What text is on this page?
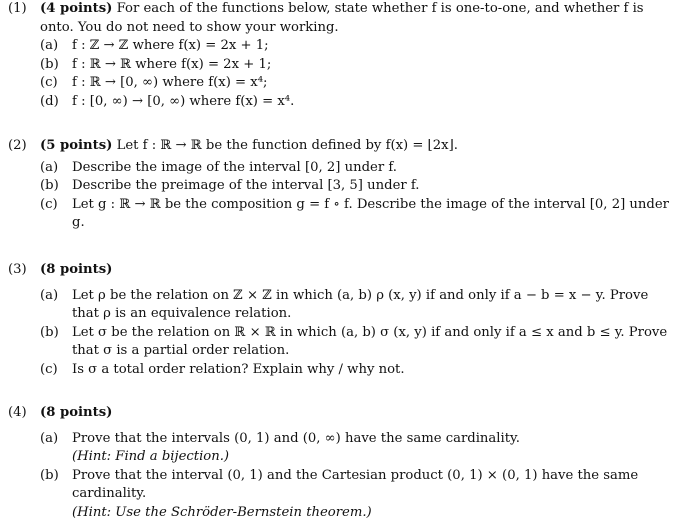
(1) (4 points) For each of the functions below, state whether f is one-to-one, and whether f is onto. You do not need to show your working.
(a) f : ℤ → ℤ where f(x) = 2x + 1;
(b) f : ℝ → ℝ where f(x) = 2x + 1;
(c) f : ℝ → [0, ∞) where f(x) = x⁴;
(d) f : [0, ∞) → [0, ∞) where f(x) = x⁴.
(2) (5 points) Let f : ℝ → ℝ be the function defined by f(x) = ⌊2x⌋.
(a) Describe the image of the interval [0, 2] under f.
(b) Describe the preimage of the interval [3, 5] under f.
(c) Let g : ℝ → ℝ be the composition g = f ∘ f. Describe the image of the interval [0, 2] under g.
(3) (8 points)
(a) Let ρ be the relation on ℤ × ℤ in which (a, b) ρ (x, y) if and only if a − b = x − y. Prove that ρ is an equivalence relation.
(b) Let σ be the relation on ℝ × ℝ in which (a, b) σ (x, y) if and only if a ≤ x and b ≤ y. Prove that σ is a partial order relation.
(c) Is σ a total order relation? Explain why / why not.
(4) (8 points)
(a) Prove that the intervals (0, 1) and (0, ∞) have the same cardinality.
(Hint: Find a bijection.)
(b) Prove that the interval (0, 1) and the Cartesian product (0, 1) × (0, 1) have the same cardinality.
(Hint: Use the Schröder-Bernstein theorem.)
